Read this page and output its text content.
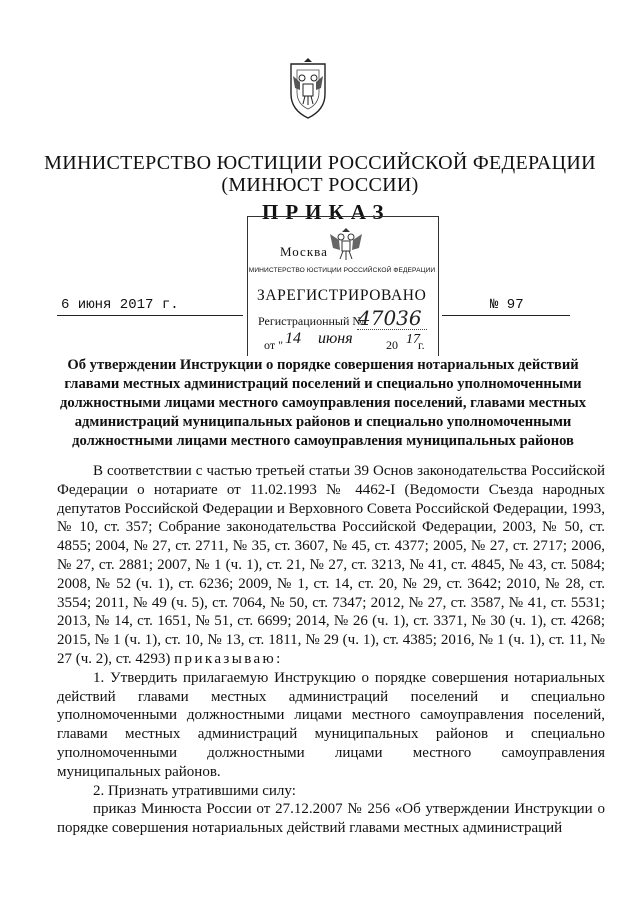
МИНИСТЕРСТВО ЮСТИЦИИ РОССИЙСКОЙ ФЕДЕРАЦИИ
(МИНЮСТ РОССИИ)
ПРИКАЗ
Москва
МИНИСТЕРСТВО ЮСТИЦИИ РОССИЙСКОЙ ФЕДЕРАЦИИ
ЗАРЕГИСТРИРОВАНО
Регистрационный №
47036
от " 14 июня	20 17
г.
6 июня 2017 г.	№ 97
Об утверждении Инструкции о порядке совершения нотариальных действий
главами местных администраций поселений и специально уполномоченными
должностными лицами местного самоуправления поселений, главами местных
администраций муниципальных районов и специально уполномоченными
должностными лицами местного самоуправления муниципальных районов

В соответствии с частью третьей статьи 39 Основ законодательства Российской Федерации о нотариате от 11.02.1993 № 4462-I (Ведомости Съезда народных депутатов Российской Федерации и Верховного Совета Российской Федерации, 1993, № 10, ст. 357; Собрание законодательства Российской Федерации, 2003, № 50, ст. 4855; 2004, № 27, ст. 2711, № 35, ст. 3607, № 45, ст. 4377; 2005, № 27, ст. 2717; 2006, № 27, ст. 2881; 2007, № 1 (ч. 1), ст. 21, № 27, ст. 3213, № 41, ст. 4845, № 43, ст. 5084; 2008, № 52 (ч. 1), ст. 6236; 2009, № 1, ст. 14, ст. 20, № 29, ст. 3642; 2010, № 28, ст. 3554; 2011, № 49 (ч. 5), ст. 7064, № 50, ст. 7347; 2012, № 27, ст. 3587, № 41, ст. 5531; 2013, № 14, ст. 1651, № 51, ст. 6699; 2014, № 26 (ч. 1), ст. 3371, № 30 (ч. 1), ст. 4268; 2015, № 1 (ч. 1), ст. 10, № 13, ст. 1811, № 29 (ч. 1), ст. 4385; 2016, № 1 (ч. 1), ст. 11, № 27 (ч. 2), ст. 4293) приказываю:

1. Утвердить прилагаемую Инструкцию о порядке совершения нотариальных действий главами местных администраций поселений и специально уполномоченными должностными лицами местного самоуправления поселений, главами местных администраций муниципальных районов и специально уполномоченными должностными лицами местного самоуправления муниципальных районов.

2. Признать утратившими силу:

приказ Минюста России от 27.12.2007 № 256 «Об утверждении Инструкции о порядке совершения нотариальных действий главами местных администраций
